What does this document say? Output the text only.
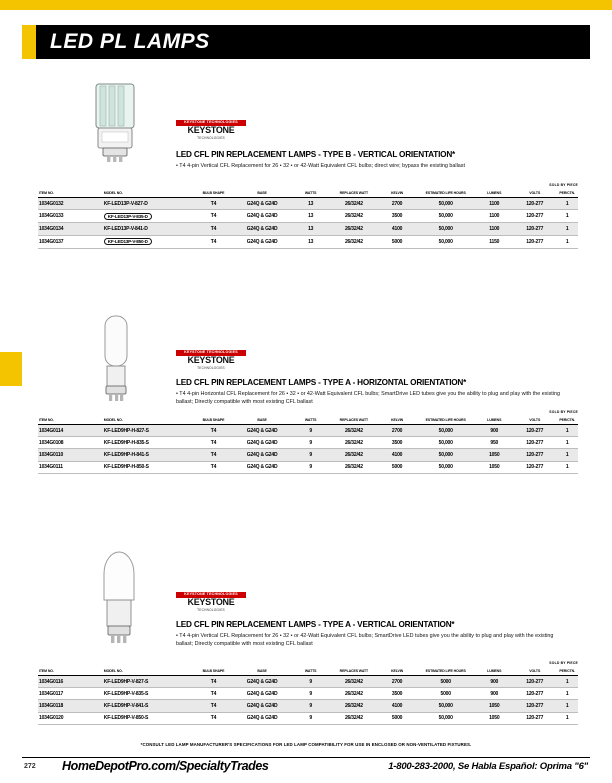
LED PL LAMPS
KEYSTONE TECHNOLOGIES
KEYSTONE
TECHNOLOGIES
LED CFL PIN REPLACEMENT LAMPS - TYPE B - VERTICAL ORIENTATION*

• T4 4-pin Vertical CFL Replacement for 26 • 32 • or 42-Watt Equivalent CFL bulbs; direct wire; bypass the existing ballast

SOLD BY PIECE
ITEM NO.	MODEL NO.	BULB SHAPE	BASE	WATTS	REPLACES WATT	KELVIN	ESTIMATED LIFE HOURS	LUMENS	VOLTS	PER/CTN.
1034G0132	KF-LED13P-V-827-D	T4	G24Q & G24D	13	26/32/42	2700	50,000	1100	120-277	1
1034G0133	KF-LED13P-V-835-D	T4	G24Q & G24D	13	26/32/42	3500	50,000	1100	120-277	1
1034G0134	KF-LED13P-V-841-D	T4	G24Q & G24D	13	26/32/42	4100	50,000	1100	120-277	1
1034G0137	KF-LED13P-V-850-D	T4	G24Q & G24D	13	26/32/42	5000	50,000	1150	120-277	1
KEYSTONE TECHNOLOGIES
KEYSTONE
TECHNOLOGIES
LED CFL PIN REPLACEMENT LAMPS - TYPE A - HORIZONTAL ORIENTATION*

• T4 4-pin Horizontal CFL Replacement for 26 • 32 • or 42-Watt Equivalent CFL bulbs; SmartDrive LED tubes give you the ability to plug and play with the existing ballast; Directly compatible with most existing CFL ballast

SOLD BY PIECE
ITEM NO.	MODEL NO.	BULB SHAPE	BASE	WATTS	REPLACES WATT	KELVIN	ESTIMATED LIFE HOURS	LUMENS	VOLTS	PER/CTN.
1034G0114	KF-LED9HP-H-827-S	T4	G24Q & G24D	9	26/32/42	2700	50,000	900	120-277	1
1034G0108	KF-LED9HP-H-835-S	T4	G24Q & G24D	9	26/32/42	3500	50,000	950	120-277	1
1034G0110	KF-LED9HP-H-841-S	T4	G24Q & G24D	9	26/32/42	4100	50,000	1050	120-277	1
1034G0111	KF-LED9HP-H-850-S	T4	G24Q & G24D	9	26/32/42	5000	50,000	1050	120-277	1
KEYSTONE TECHNOLOGIES
KEYSTONE
TECHNOLOGIES
LED CFL PIN REPLACEMENT LAMPS - TYPE A - VERTICAL ORIENTATION*

• T4 4-pin Vertical CFL Replacement for 26 • 32 • or 42-Watt Equivalent CFL bulbs; SmartDrive LED tubes give you the ability to plug and play with the existing ballast; Directly compatible with most existing CFL ballast

SOLD BY PIECE
ITEM NO.	MODEL NO.	BULB SHAPE	BASE	WATTS	REPLACES WATT	KELVIN	ESTIMATED LIFE HOURS	LUMENS	VOLTS	PER/CTN.
1034G0116	KF-LED9HP-V-827-S	T4	G24Q & G24D	9	26/32/42	2700	5000	900	120-277	1
1034G0117	KF-LED9HP-V-835-S	T4	G24Q & G24D	9	26/32/42	3500	5000	900	120-277	1
1034G0118	KF-LED9HP-V-841-S	T4	G24Q & G24D	9	26/32/42	4100	50,000	1050	120-277	1
1034G0120	KF-LED9HP-V-850-S	T4	G24Q & G24D	9	26/32/42	5000	50,000	1050	120-277	1
*CONSULT LED LAMP MANUFACTURER'S SPECIFICATIONS FOR LED LAMP COMPATIBILITY FOR USE IN ENCLOSED OR NON-VENTILATED FIXTURES.
272 HomeDepotPro.com/SpecialtyTrades	1-800-283-2000, Se Habla Español: Oprima "6"
